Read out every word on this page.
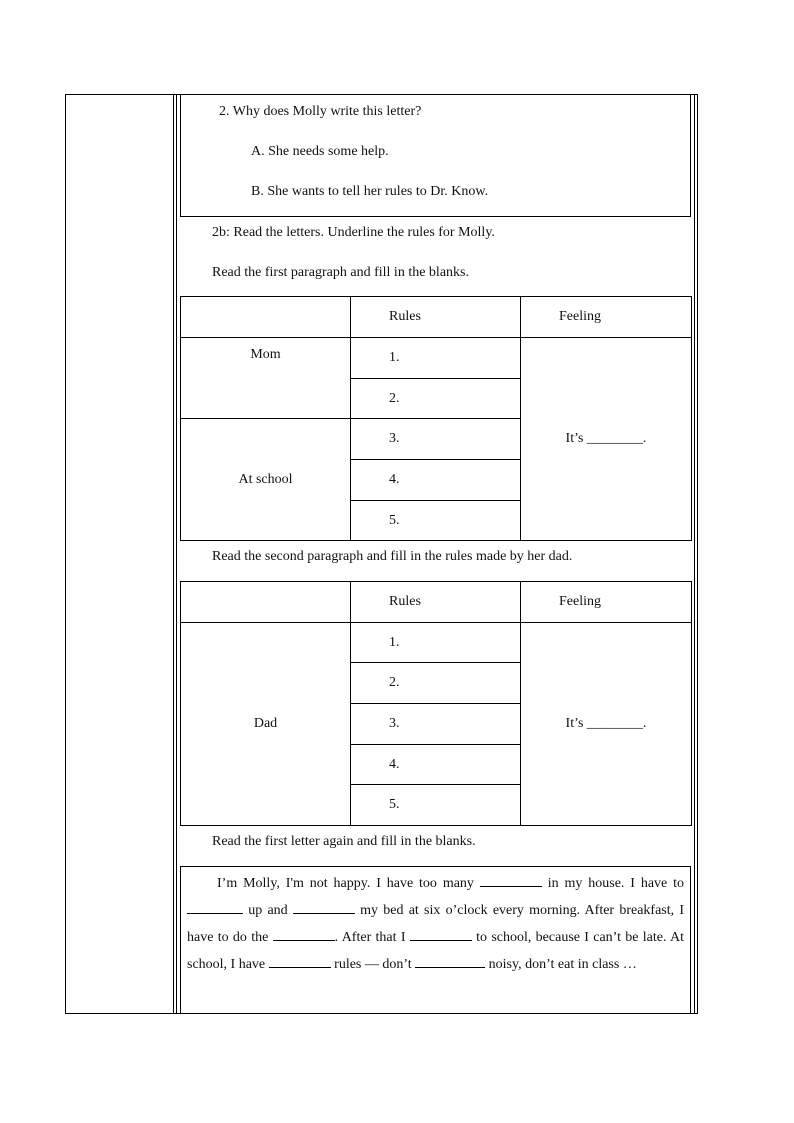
2. Why does Molly write this letter?
A. She needs some help.
B. She wants to tell her rules to Dr. Know.
2b: Read the letters. Underline the rules for Molly.
Read the first paragraph and fill in the blanks.
	Rules	Feeling
Mom	1.	It’s ________.
	2.	
At school	3.	
	4.	
	5.	
Read the second paragraph and fill in the rules made by her dad.
	Rules	Feeling
Dad	1.	It’s ________.
	2.	
	3.	
	4.	
	5.	
Read the first letter again and fill in the blanks.
I’m Molly, I'm not happy. I have too many	in my house. I have to  up and	my bed at six o’clock every morning. After breakfast, I have to do the	. After that I	to school, because I can’t be late. At school, I have	rules — don’t	noisy, don’t eat in class …
